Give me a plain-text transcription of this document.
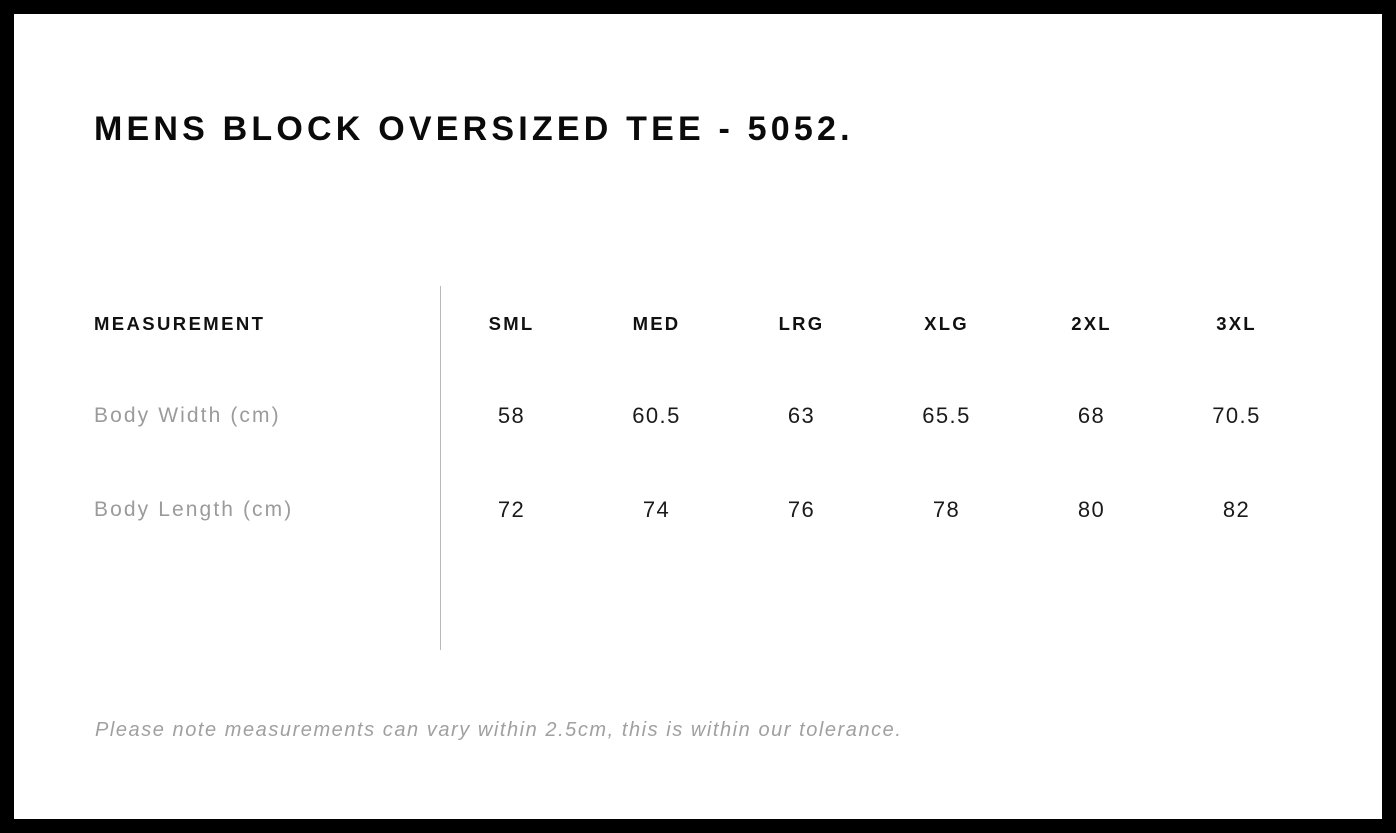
MENS BLOCK OVERSIZED TEE - 5052.
MEASUREMENT	SML	MED	LRG	XLG	2XL	3XL
Body Width (cm)	58	60.5	63	65.5	68	70.5
Body Length (cm)	72	74	76	78	80	82
Please note measurements can vary within 2.5cm, this is within our tolerance.
